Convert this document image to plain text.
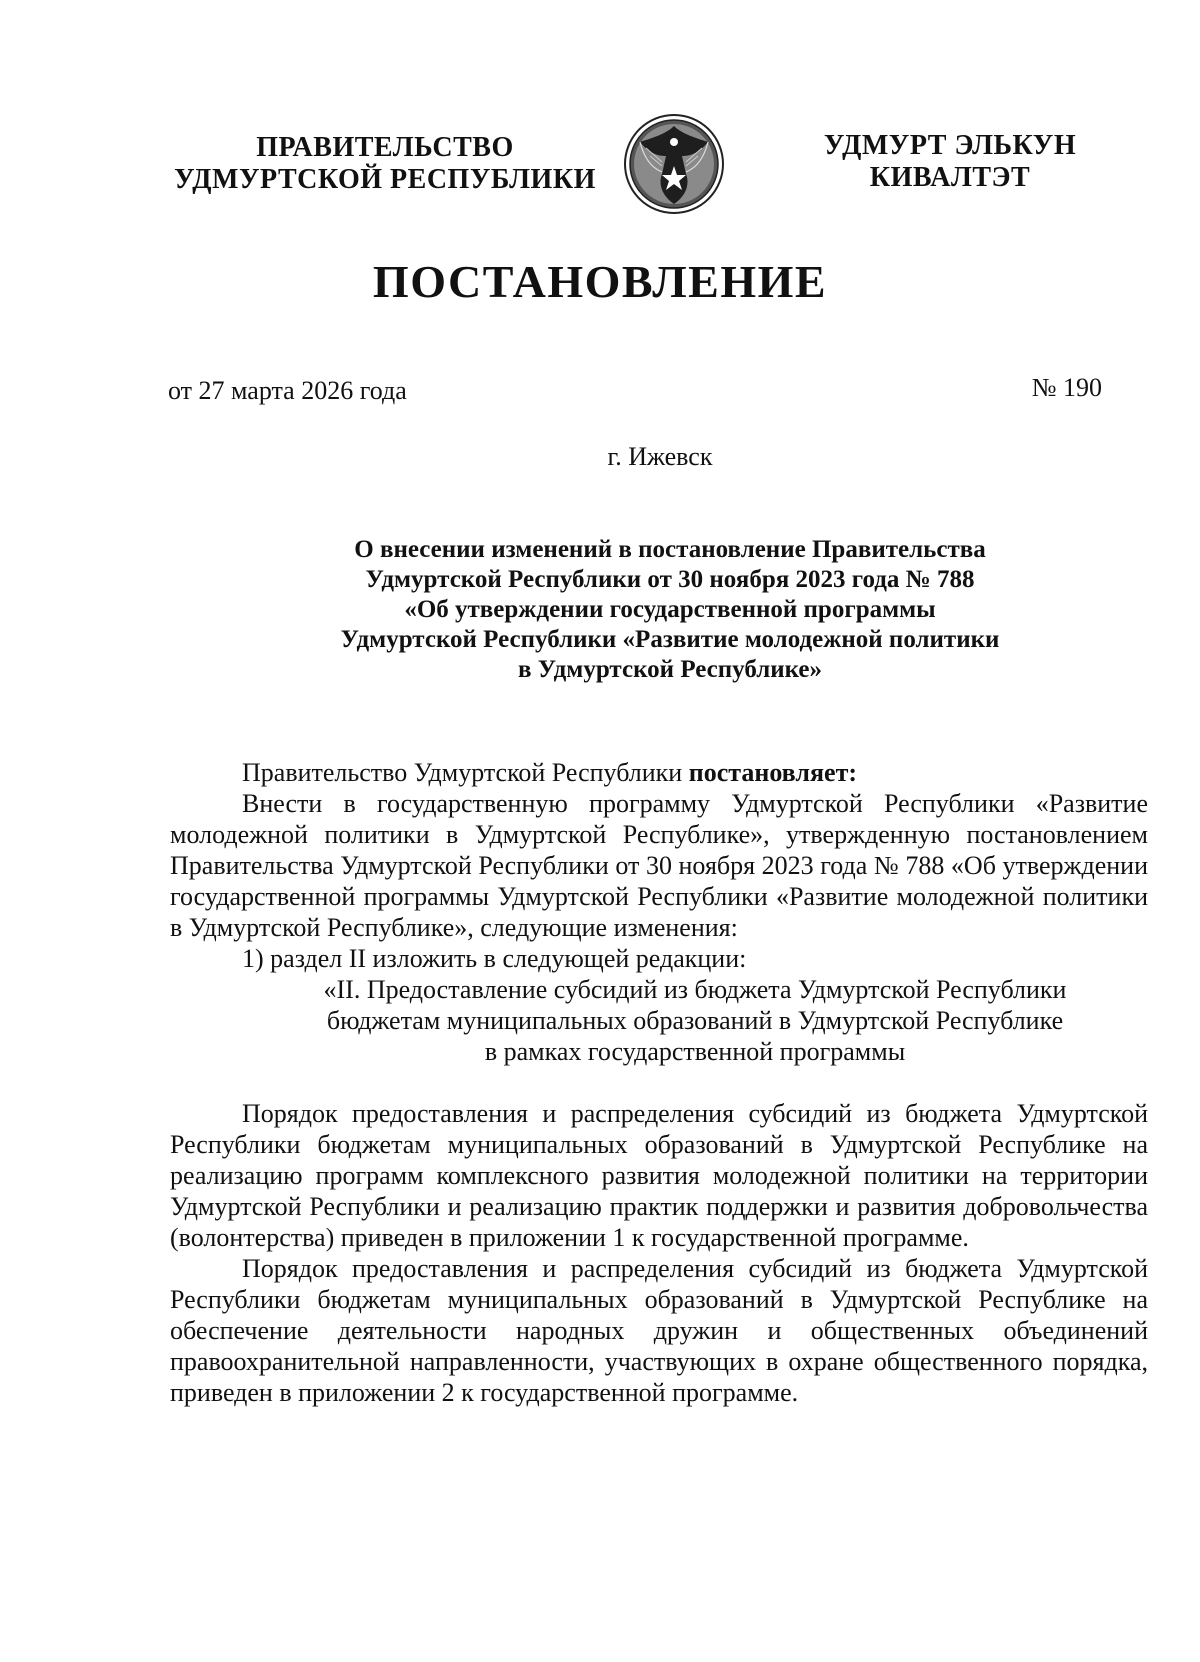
ПРАВИТЕЛЬСТВО
УДМУРТСКОЙ РЕСПУБЛИКИ
УДМУРТ ЭЛЬКУН
КИВАЛТЭТ
ПОСТАНОВЛЕНИЕ
от 27 марта 2026 года	№ 190
г. Ижевск
О внесении изменений в постановление Правительства
Удмуртской Республики от 30 ноября 2023 года № 788
«Об утверждении государственной программы
Удмуртской Республики «Развитие молодежной политики
в Удмуртской Республике»

Правительство Удмуртской Республики постановляет:

Внести в государственную программу Удмуртской Республики «Развитие молодежной политики в Удмуртской Республике», утвержденную постановлением Правительства Удмуртской Республики от 30 ноября 2023 года № 788 «Об утверждении государственной программы Удмуртской Республики «Развитие молодежной политики в Удмуртской Республике», следующие изменения:

1) раздел II изложить в следующей редакции:

«II. Предоставление субсидий из бюджета Удмуртской Республики
бюджетам муниципальных образований в Удмуртской Республике
в рамках государственной программы

Порядок предоставления и распределения субсидий из бюджета Удмуртской Республики бюджетам муниципальных образований в Удмуртской Республике на реализацию программ комплексного развития молодежной политики на территории Удмуртской Республики и реализацию практик поддержки и развития добровольчества (волонтерства) приведен в приложении 1 к государственной программе.

Порядок предоставления и распределения субсидий из бюджета Удмуртской Республики бюджетам муниципальных образований в Удмуртской Республике на обеспечение деятельности народных дружин и общественных объединений правоохранительной направленности, участвующих в охране общественного порядка, приведен в приложении 2 к государственной программе.
